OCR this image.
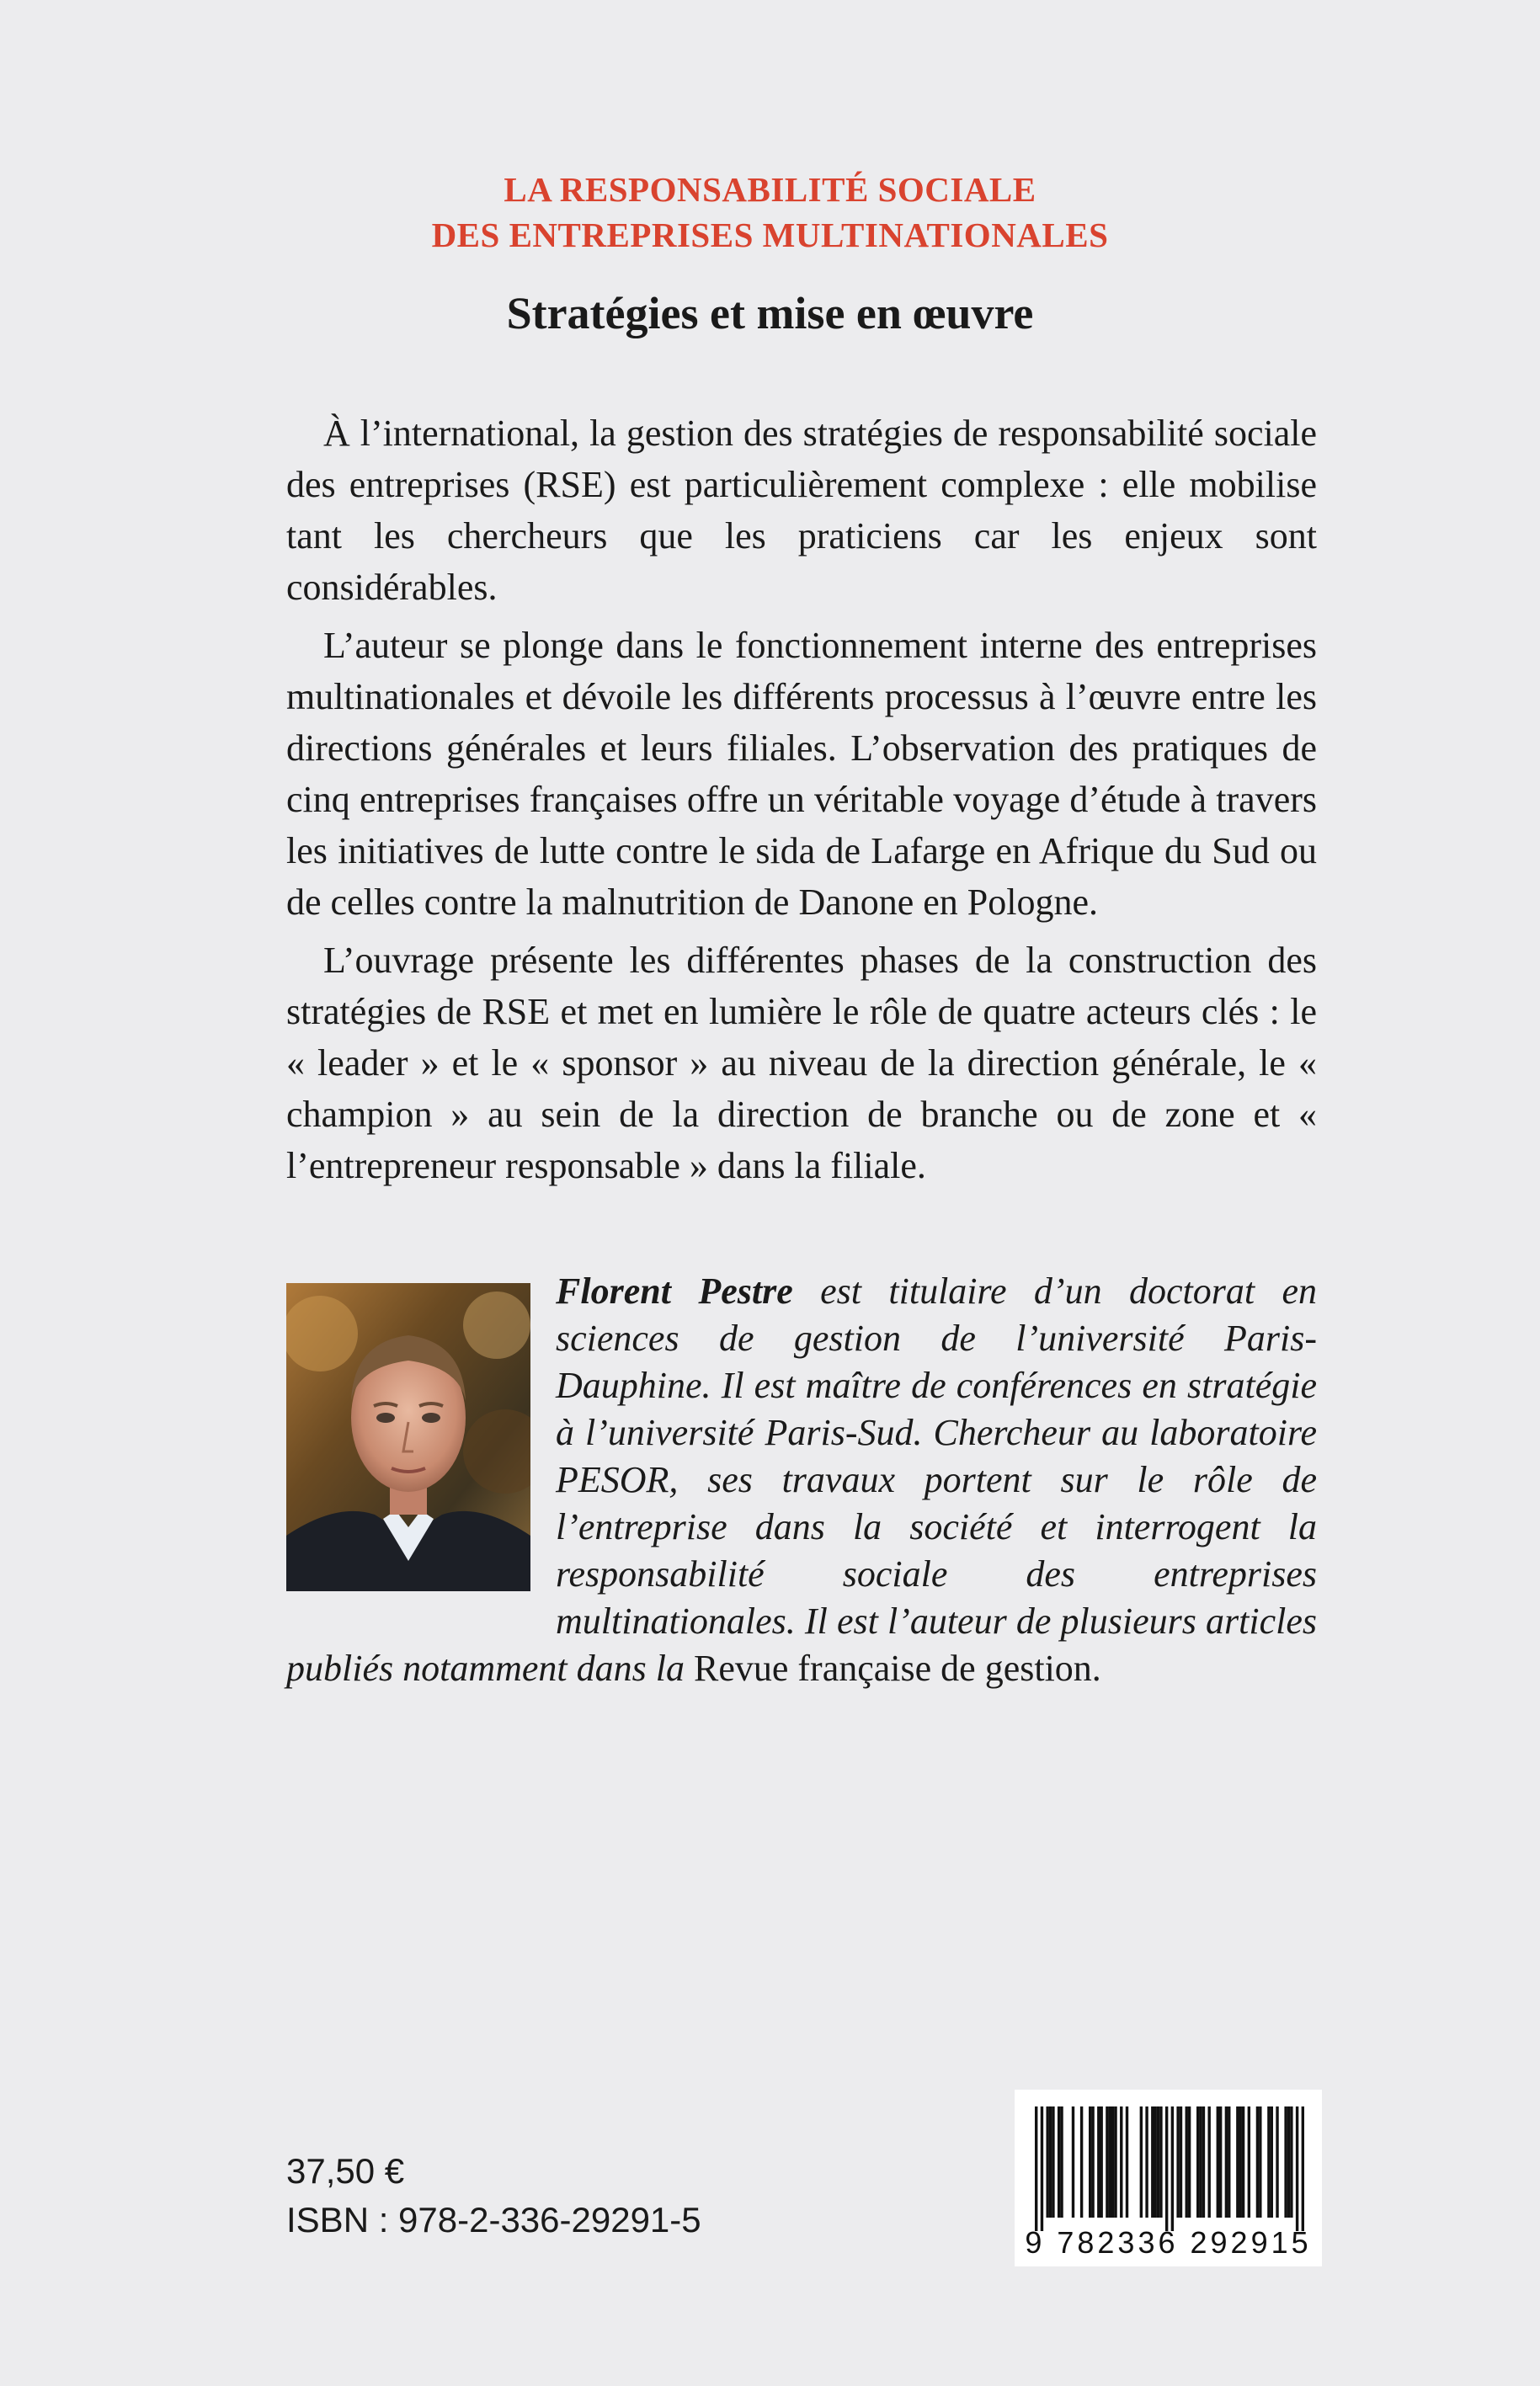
LA RESPONSABILITÉ SOCIALE
DES ENTREPRISES MULTINATIONALES
Stratégies et mise en œuvre

À l’international, la gestion des stratégies de responsabilité sociale des entreprises (RSE) est particulièrement complexe : elle mobilise tant les chercheurs que les praticiens car les enjeux sont considérables.

L’auteur se plonge dans le fonctionnement interne des entreprises multinationales et dévoile les différents processus à l’œuvre entre les directions générales et leurs filiales. L’observation des pratiques de cinq entreprises françaises offre un véritable voyage d’étude à travers les initiatives de lutte contre le sida de Lafarge en Afrique du Sud ou de celles contre la malnutrition de Danone en Pologne.

L’ouvrage présente les différentes phases de la construction des stratégies de RSE et met en lumière le rôle de quatre acteurs clés : le « leader » et le « sponsor » au niveau de la direction générale, le « champion » au sein de la direction de branche ou de zone et « l’entrepreneur responsable » dans la filiale.

Florent Pestre est titulaire d’un doctorat en sciences de gestion de l’université Paris-Dauphine. Il est maître de conférences en stratégie à l’université Paris-Sud. Chercheur au laboratoire PESOR, ses travaux portent sur le rôle de l’entreprise dans la société et interrogent la responsabilité sociale des entreprises multinationales. Il est l’auteur de plusieurs articles publiés notamment dans la Revue française de gestion.
37,50 €
ISBN : 978-2-336-29291-5
9 782336 292915
